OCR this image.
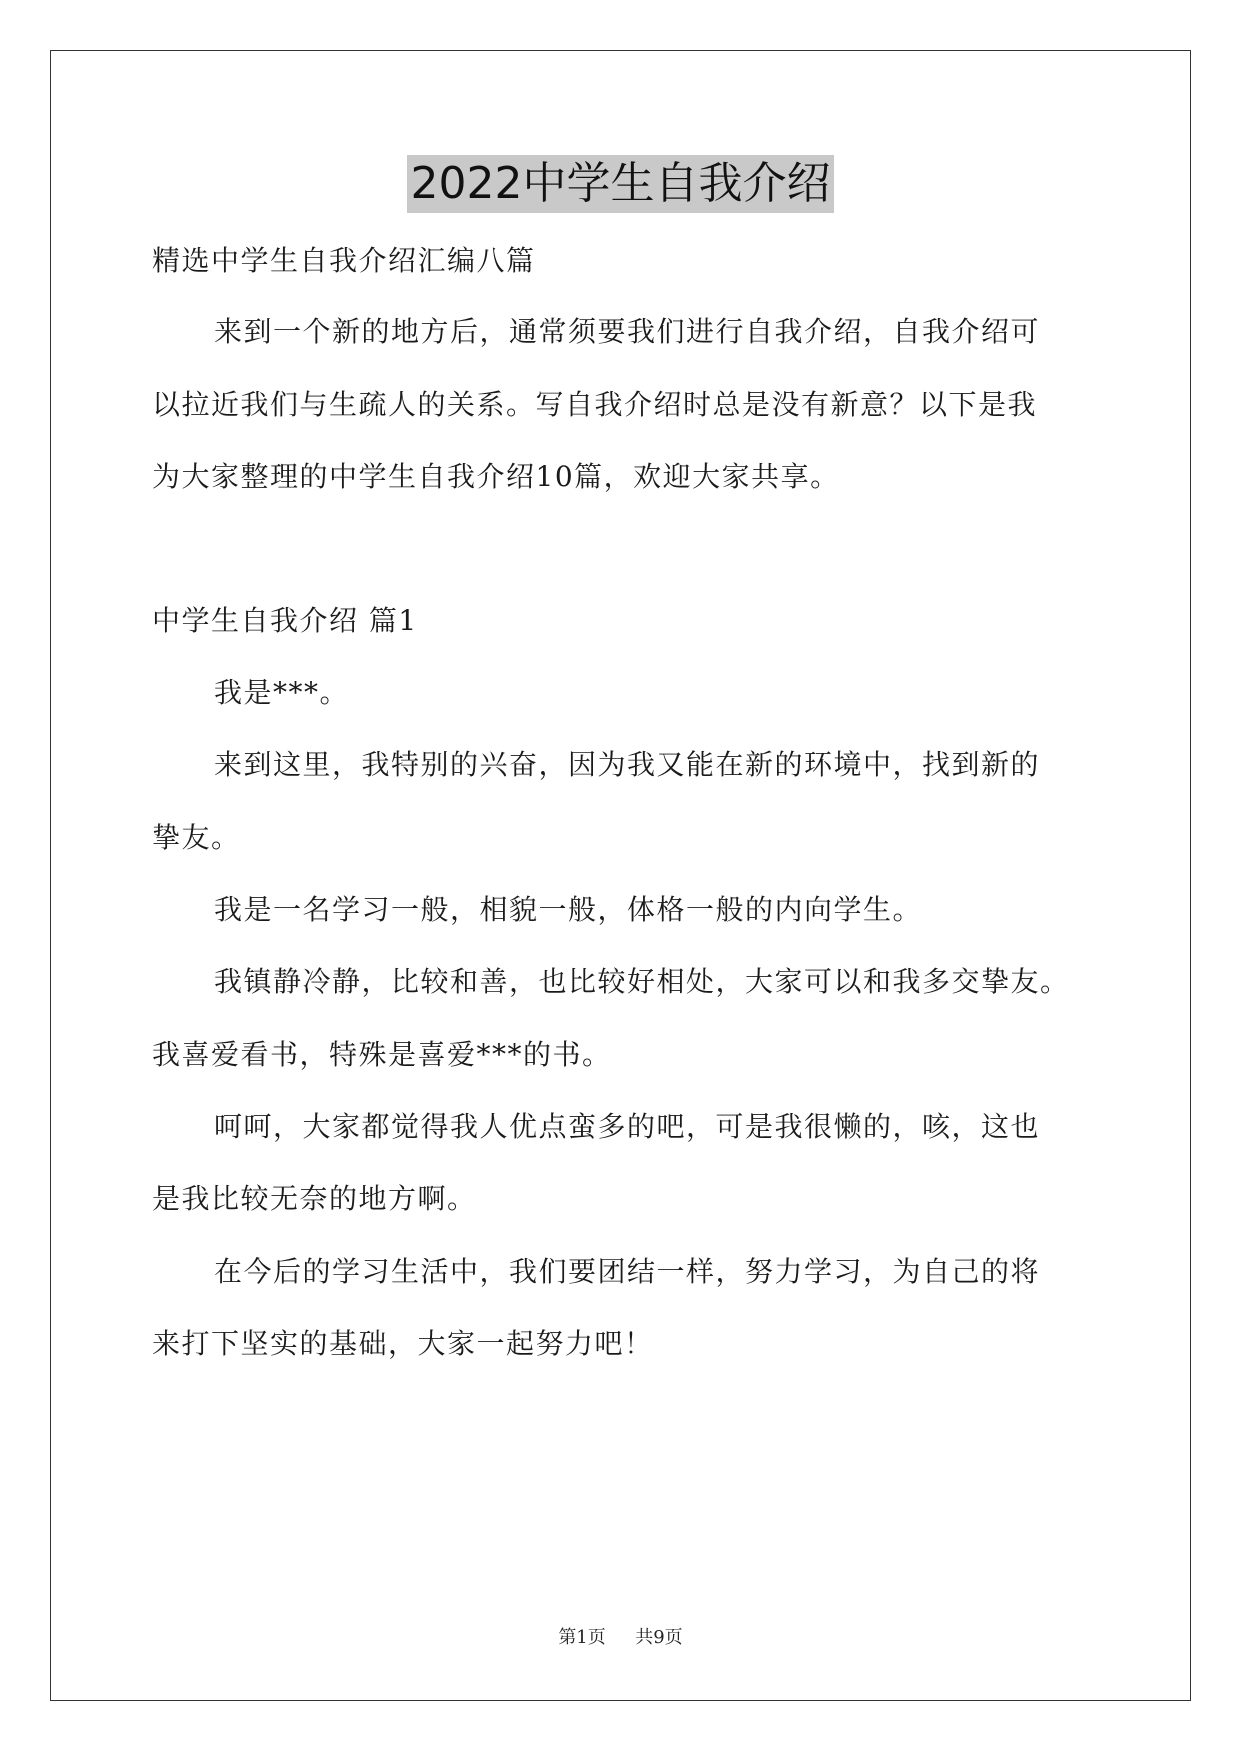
2022中学生自我介绍
精选中学生自我介绍汇编八篇
来到一个新的地方后，通常须要我们进行自我介绍，自我介绍可
以拉近我们与生疏人的关系。写自我介绍时总是没有新意？以下是我
为大家整理的中学生自我介绍10篇，欢迎大家共享。
中学生自我介绍 篇1
我是***。
来到这里，我特别的兴奋，因为我又能在新的环境中，找到新的
挚友。
我是一名学习一般，相貌一般，体格一般的内向学生。
我镇静冷静，比较和善，也比较好相处，大家可以和我多交挚友。
我喜爱看书，特殊是喜爱***的书。
呵呵，大家都觉得我人优点蛮多的吧，可是我很懒的，咳，这也
是我比较无奈的地方啊。
在今后的学习生活中，我们要团结一样，努力学习，为自己的将
来打下坚实的基础，大家一起努力吧！
第1页 共9页
